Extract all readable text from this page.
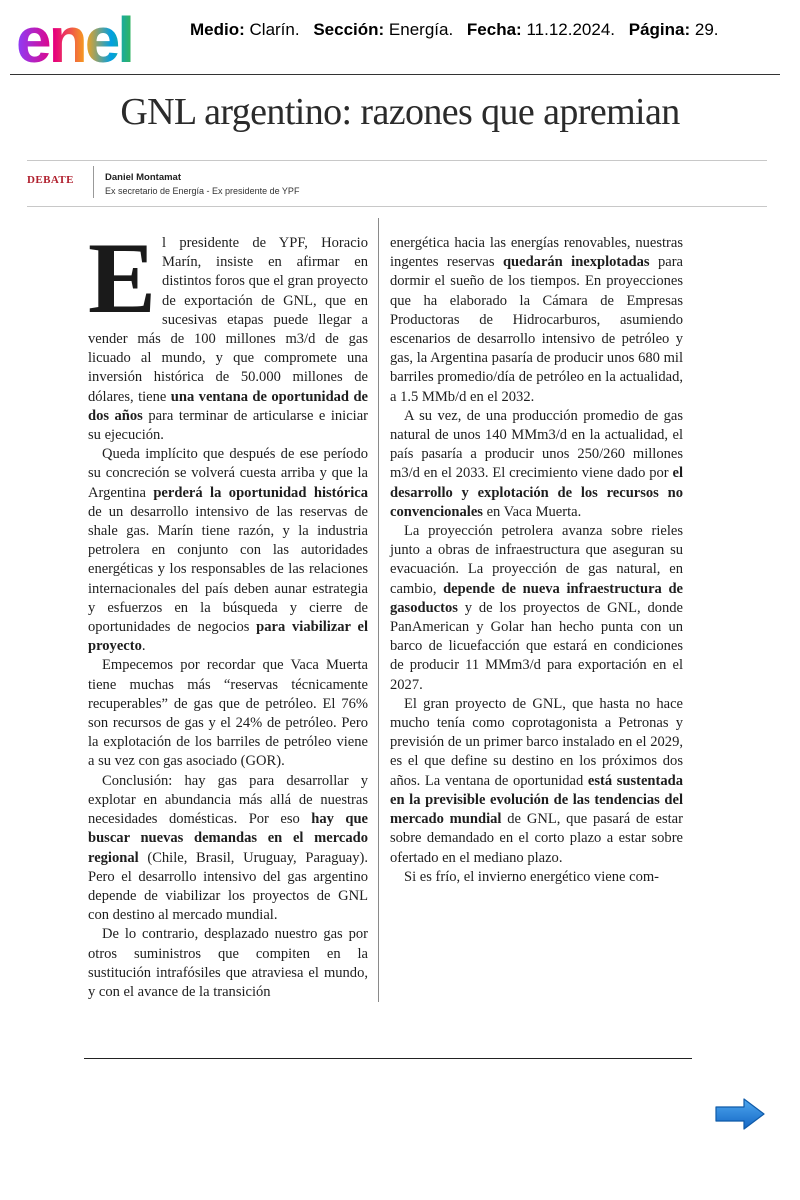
enel	Medio: Clarín. Sección: Energía. Fecha: 11.12.2024. Página: 29.
GNL argentino: razones que apremian
DEBATE	Daniel Montamat
Ex secretario de Energía - Ex presidente de YPF

El presidente de YPF, Horacio Marín, insiste en afirmar en distintos foros que el gran proyecto de exportación de GNL, que en sucesivas etapas puede llegar a vender más de 100 millones m3/d de gas licuado al mundo, y que compromete una inversión histórica de 50.000 millones de dólares, tiene una ventana de oportunidad de dos años para terminar de articularse e iniciar su ejecución.

Queda implícito que después de ese período su concreción se volverá cuesta arriba y que la Argentina perderá la oportunidad histórica de un desarrollo intensivo de las reservas de shale gas. Marín tiene razón, y la industria petrolera en conjunto con las autoridades energéticas y los responsables de las relaciones internacionales del país deben aunar estrategia y esfuerzos en la búsqueda y cierre de oportunidades de negocios para viabilizar el proyecto.

Empecemos por recordar que Vaca Muerta tiene muchas más “reservas técnicamente recuperables” de gas que de petróleo. El 76% son recursos de gas y el 24% de petróleo. Pero la explotación de los barriles de petróleo viene a su vez con gas asociado (GOR).

Conclusión: hay gas para desarrollar y explotar en abundancia más allá de nuestras necesidades domésticas. Por eso hay que buscar nuevas demandas en el mercado regional (Chile, Brasil, Uruguay, Paraguay). Pero el desarrollo intensivo del gas argentino depende de viabilizar los proyectos de GNL con destino al mercado mundial.

De lo contrario, desplazado nuestro gas por otros suministros que compiten en la sustitución intrafósiles que atraviesa el mundo, y con el avance de la transición

energética hacia las energías renovables, nuestras ingentes reservas quedarán inexplotadas para dormir el sueño de los tiempos. En proyecciones que ha elaborado la Cámara de Empresas Productoras de Hidrocarburos, asumiendo escenarios de desarrollo intensivo de petróleo y gas, la Argentina pasaría de producir unos 680 mil barriles promedio/día de petróleo en la actualidad, a 1.5 MMb/d en el 2032.

A su vez, de una producción promedio de gas natural de unos 140 MMm3/d en la actualidad, el país pasaría a producir unos 250/260 millones m3/d en el 2033. El crecimiento viene dado por el desarrollo y explotación de los recursos no convencionales en Vaca Muerta.

La proyección petrolera avanza sobre rieles junto a obras de infraestructura que aseguran su evacuación. La proyección de gas natural, en cambio, depende de nueva infraestructura de gasoductos y de los proyectos de GNL, donde PanAmerican y Golar han hecho punta con un barco de licuefacción que estará en condiciones de producir 11 MMm3/d para exportación en el 2027.

El gran proyecto de GNL, que hasta no hace mucho tenía como coprotagonista a Petronas y previsión de un primer barco instalado en el 2029, es el que define su destino en los próximos dos años. La ventana de oportunidad está sustentada en la previsible evolución de las tendencias del mercado mundial de GNL, que pasará de estar sobre demandado en el corto plazo a estar sobre ofertado en el mediano plazo.

Si es frío, el invierno energético viene com-
